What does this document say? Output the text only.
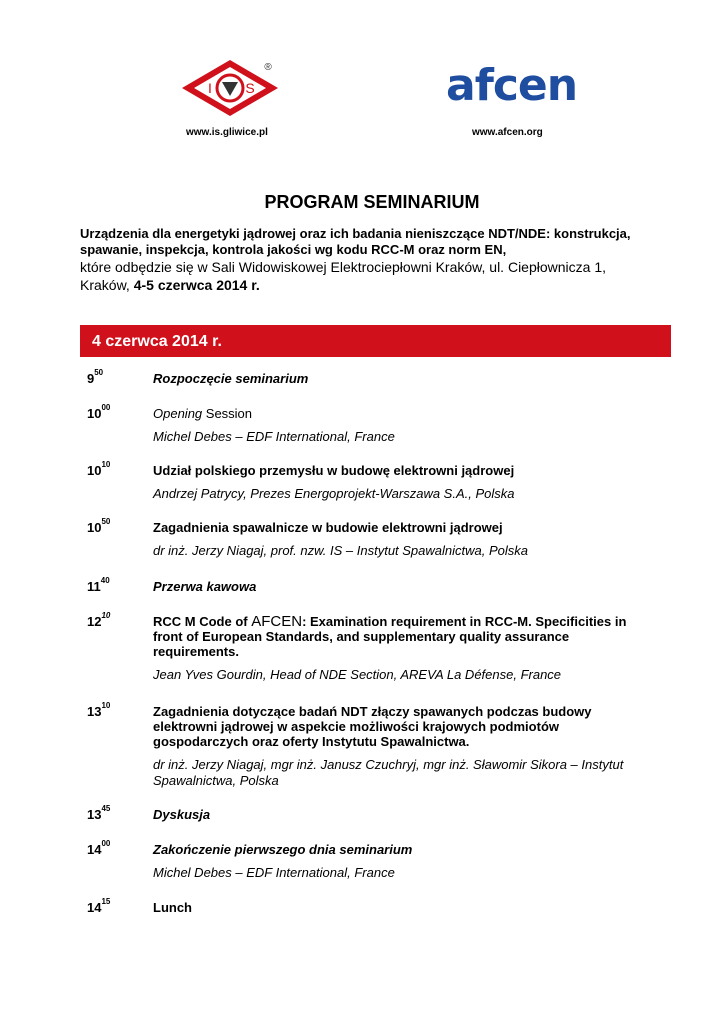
I S
®	afcen
www.is.gliwice.pl	www.afcen.org
PROGRAM SEMINARIUM
Urządzenia dla energetyki jądrowej oraz ich badania nieniszczące NDT/NDE: konstrukcja, spawanie, inspekcja, kontrola jakości wg kodu RCC-M oraz norm EN,
które odbędzie się w Sali Widowiskowej Elektrociepłowni Kraków, ul. Ciepłownicza 1,
Kraków, 4-5 czerwca 2014 r.
4 czerwca 2014 r.
$9^{50}$	Rozpoczęcie seminarium
$10^{00}$	Opening Session
Michel Debes – EDF International, France
$10^{10}$	Udział polskiego przemysłu w budowę elektrowni jądrowej
Andrzej Patrycy, Prezes Energoprojekt-Warszawa S.A., Polska
$10^{50}$	Zagadnienia spawalnicze w budowie elektrowni jądrowej
dr inż. Jerzy Niagaj, prof. nzw. IS – Instytut Spawalnictwa, Polska
$11^{40}$	Przerwa kawowa
$12^{10}$	RCC M Code of AFCEN: Examination requirement in RCC-M. Specificities in front of European Standards, and supplementary quality assurance requirements.
Jean Yves Gourdin, Head of NDE Section, AREVA La Défense, France
$13^{10}$	Zagadnienia dotyczące badań NDT złączy spawanych podczas budowy elektrowni jądrowej w aspekcie możliwości krajowych podmiotów gospodarczych oraz oferty Instytutu Spawalnictwa.
dr inż. Jerzy Niagaj, mgr inż. Janusz Czuchryj, mgr inż. Sławomir Sikora – Instytut Spawalnictwa, Polska
$13^{45}$	Dyskusja
$14^{00}$	Zakończenie pierwszego dnia seminarium
Michel Debes – EDF International, France
$14^{15}$	Lunch
